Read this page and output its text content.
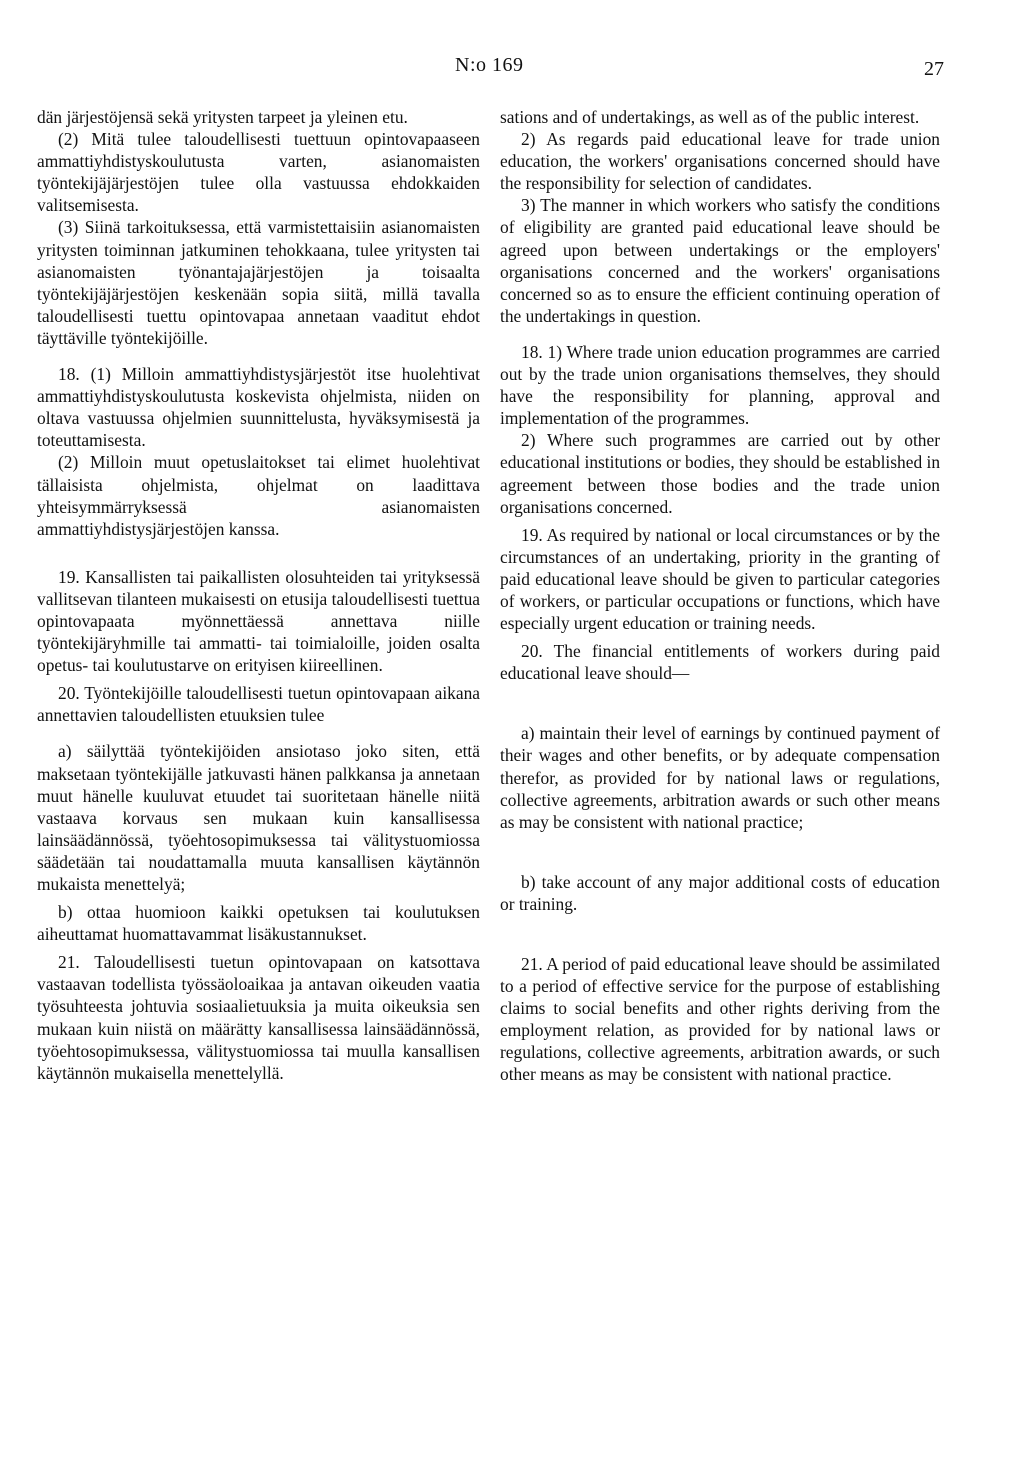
N:o 169	27

dän järjestöjensä sekä yritysten tarpeet ja yleinen etu.

(2) Mitä tulee taloudellisesti tuettuun opintovapaaseen ammattiyhdistyskoulutusta varten, asianomaisten työntekijäjärjestöjen tulee olla vastuussa ehdokkaiden valitsemisesta.

(3) Siinä tarkoituksessa, että varmistettaisiin asianomaisten yritysten toiminnan jatkuminen tehokkaana, tulee yritysten tai asianomaisten työnantajajärjestöjen ja toisaalta työntekijäjärjestöjen keskenään sopia siitä, millä tavalla taloudellisesti tuettu opintovapaa annetaan vaaditut ehdot täyttäville työntekijöille.

18. (1) Milloin ammattiyhdistysjärjestöt itse huolehtivat ammattiyhdistyskoulutusta koskevista ohjelmista, niiden on oltava vastuussa ohjelmien suunnittelusta, hyväksymisestä ja toteuttamisesta.

(2) Milloin muut opetuslaitokset tai elimet huolehtivat tällaisista ohjelmista, ohjelmat on laadittava yhteisymmärryksessä asianomaisten ammattiyhdistysjärjestöjen kanssa.

19. Kansallisten tai paikallisten olosuhteiden tai yrityksessä vallitsevan tilanteen mukaisesti on etusija taloudellisesti tuettua opintovapaata myönnettäessä annettava niille työntekijäryhmille tai ammatti- tai toimialoille, joiden osalta opetus- tai koulutustarve on erityisen kiireellinen.

20. Työntekijöille taloudellisesti tuetun opintovapaan aikana annettavien taloudellisten etuuksien tulee

a) säilyttää työntekijöiden ansiotaso joko siten, että maksetaan työntekijälle jatkuvasti hänen palkkansa ja annetaan muut hänelle kuuluvat etuudet tai suoritetaan hänelle niitä vastaava korvaus sen mukaan kuin kansallisessa lainsäädännössä, työehtosopimuksessa tai välitystuomiossa säädetään tai noudattamalla muuta kansallisen käytännön mukaista menettelyä;

b) ottaa huomioon kaikki opetuksen tai koulutuksen aiheuttamat huomattavammat lisäkustannukset.

21. Taloudellisesti tuetun opintovapaan on katsottava vastaavan todellista työssäoloaikaa ja antavan oikeuden vaatia työsuhteesta johtuvia sosiaalietuuksia ja muita oikeuksia sen mukaan kuin niistä on määrätty kansallisessa lainsäädännössä, työehtosopimuksessa, välitystuomiossa tai muulla kansallisen käytännön mukaisella menettelyllä.

sations and of undertakings, as well as of the public interest.

2) As regards paid educational leave for trade union education, the workers' organisations concerned should have the responsibility for selection of candidates.

3) The manner in which workers who satisfy the conditions of eligibility are granted paid educational leave should be agreed upon between undertakings or the employers' organisations concerned and the workers' organisations concerned so as to ensure the efficient continuing operation of the undertakings in question.

18. 1) Where trade union education programmes are carried out by the trade union organisations themselves, they should have the responsibility for planning, approval and implementation of the programmes.

2) Where such programmes are carried out by other educational institutions or bodies, they should be established in agreement between those bodies and the trade union organisations concerned.

19. As required by national or local circumstances or by the circumstances of an undertaking, priority in the granting of paid educational leave should be given to particular categories of workers, or particular occupations or functions, which have especially urgent education or training needs.

20. The financial entitlements of workers during paid educational leave should—

a) maintain their level of earnings by continued payment of their wages and other benefits, or by adequate compensation therefor, as provided for by national laws or regulations, collective agreements, arbitration awards or such other means as may be consistent with national practice;

b) take account of any major additional costs of education or training.

21. A period of paid educational leave should be assimilated to a period of effective service for the purpose of establishing claims to social benefits and other rights deriving from the employment relation, as provided for by national laws or regulations, collective agreements, arbitration awards, or such other means as may be consistent with national practice.
